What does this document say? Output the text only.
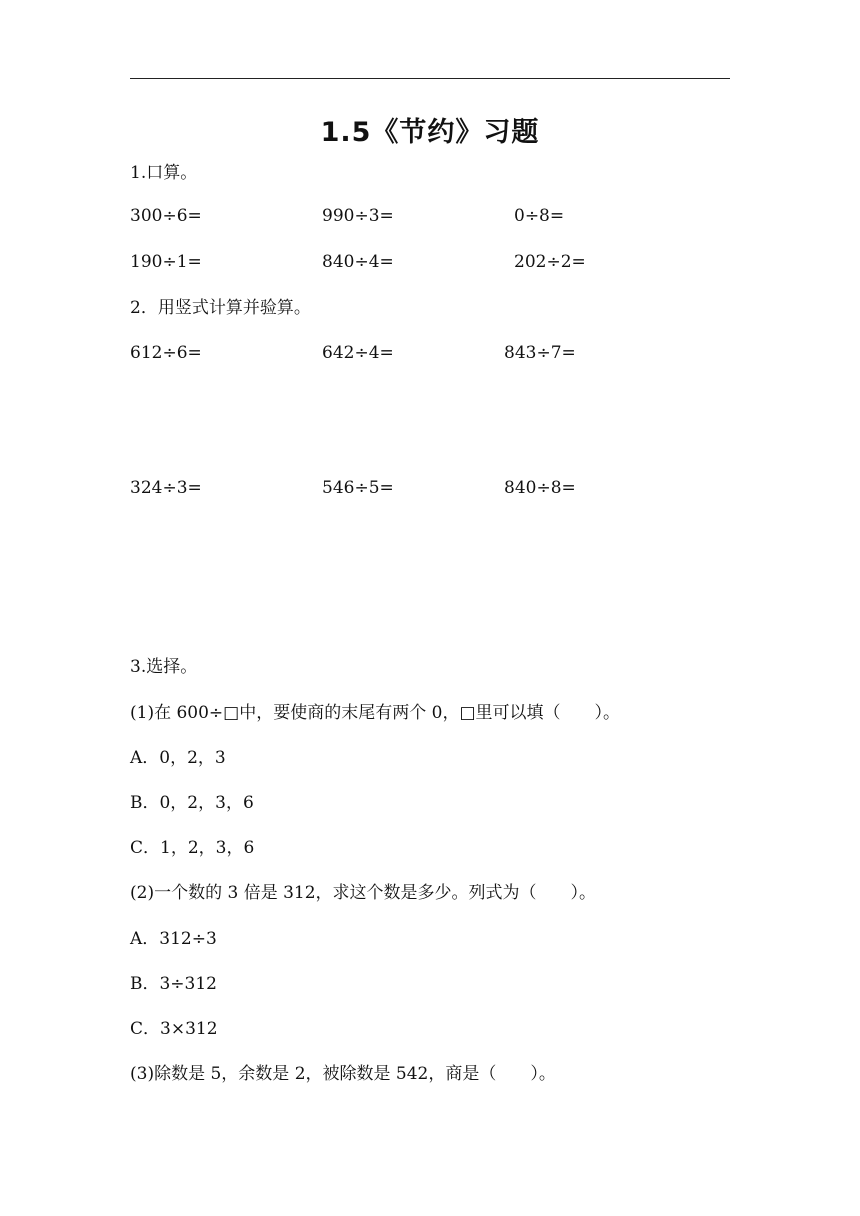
1.5《节约》习题
1.口算。
300÷6=	990÷3=	0÷8=
190÷1=	840÷4=	202÷2=
2．用竖式计算并验算。
612÷6=	642÷4=	843÷7=
324÷3=	546÷5=	840÷8=
3.选择。
(1)在 600÷□中，要使商的末尾有两个 0，□里可以填（　　）。
A．0，2，3
B．0，2，3，6
C．1，2，3，6
(2)一个数的 3 倍是 312，求这个数是多少。列式为（　　）。
A．312÷3
B．3÷312
C．3×312
(3)除数是 5，余数是 2，被除数是 542，商是（　　）。
